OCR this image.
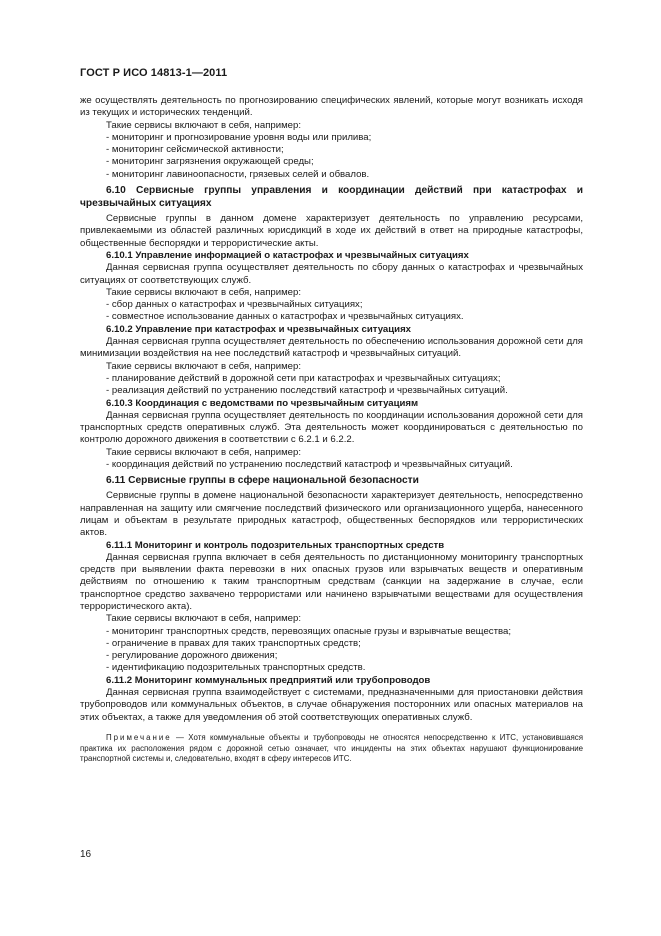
ГОСТ Р ИСО 14813-1—2011

же осуществлять деятельность по прогнозированию специфических явлений, которые могут возникать исходя из текущих и исторических тенденций.

Такие сервисы включают в себя, например:

- мониторинг и прогнозирование уровня воды или прилива;

- мониторинг сейсмической активности;

- мониторинг загрязнения окружающей среды;

- мониторинг лавиноопасности, грязевых селей и обвалов.

6.10 Сервисные группы управления и координации действий при катастрофах и чрезвычайных ситуациях

Сервисные группы в данном домене характеризует деятельность по управлению ресурсами, привлекаемыми из областей различных юрисдикций в ходе их действий в ответ на природные катастрофы, общественные беспорядки и террористические акты.

6.10.1 Управление информацией о катастрофах и чрезвычайных ситуациях

Данная сервисная группа осуществляет деятельность по сбору данных о катастрофах и чрезвычайных ситуациях от соответствующих служб.

Такие сервисы включают в себя, например:

- сбор данных о катастрофах и чрезвычайных ситуациях;

- совместное использование данных о катастрофах и чрезвычайных ситуациях.

6.10.2 Управление при катастрофах и чрезвычайных ситуациях

Данная сервисная группа осуществляет деятельность по обеспечению использования дорожной сети для минимизации воздействия на нее последствий катастроф и чрезвычайных ситуаций.

Такие сервисы включают в себя, например:

- планирование действий в дорожной сети при катастрофах и чрезвычайных ситуациях;

- реализация действий по устранению последствий катастроф и чрезвычайных ситуаций.

6.10.3 Координация с ведомствами по чрезвычайным ситуациям

Данная сервисная группа осуществляет деятельность по координации использования дорожной сети для транспортных средств оперативных служб. Эта деятельность может координироваться с деятельностью по контролю дорожного движения в соответствии с 6.2.1 и 6.2.2.

Такие сервисы включают в себя, например:

- координация действий по устранению последствий катастроф и чрезвычайных ситуаций.

6.11 Сервисные группы в сфере национальной безопасности

Сервисные группы в домене национальной безопасности характеризует деятельность, непосредственно направленная на защиту или смягчение последствий физического или организационного ущерба, нанесенного лицам и объектам в результате природных катастроф, общественных беспорядков или террористических актов.

6.11.1 Мониторинг и контроль подозрительных транспортных средств

Данная сервисная группа включает в себя деятельность по дистанционному мониторингу транспортных средств при выявлении факта перевозки в них опасных грузов или взрывчатых веществ и оперативным действиям по отношению к таким транспортным средствам (санкции на задержание в случае, если транспортное средство захвачено террористами или начинено взрывчатыми веществами для осуществления террористического акта).

Такие сервисы включают в себя, например:

- мониторинг транспортных средств, перевозящих опасные грузы и взрывчатые вещества;

- ограничение в правах для таких транспортных средств;

- регулирование дорожного движения;

- идентификацию подозрительных транспортных средств.

6.11.2 Мониторинг коммунальных предприятий или трубопроводов

Данная сервисная группа взаимодействует с системами, предназначенными для приостановки действия трубопроводов или коммунальных объектов, в случае обнаружения посторонних или опасных материалов на этих объектах, а также для уведомления об этой соответствующих оперативных служб.

Примечание — Хотя коммунальные объекты и трубопроводы не относятся непосредственно к ИТС, установившаяся практика их расположения рядом с дорожной сетью означает, что инциденты на этих объектах нарушают функционирование транспортной системы и, следовательно, входят в сферу интересов ИТС.

16
